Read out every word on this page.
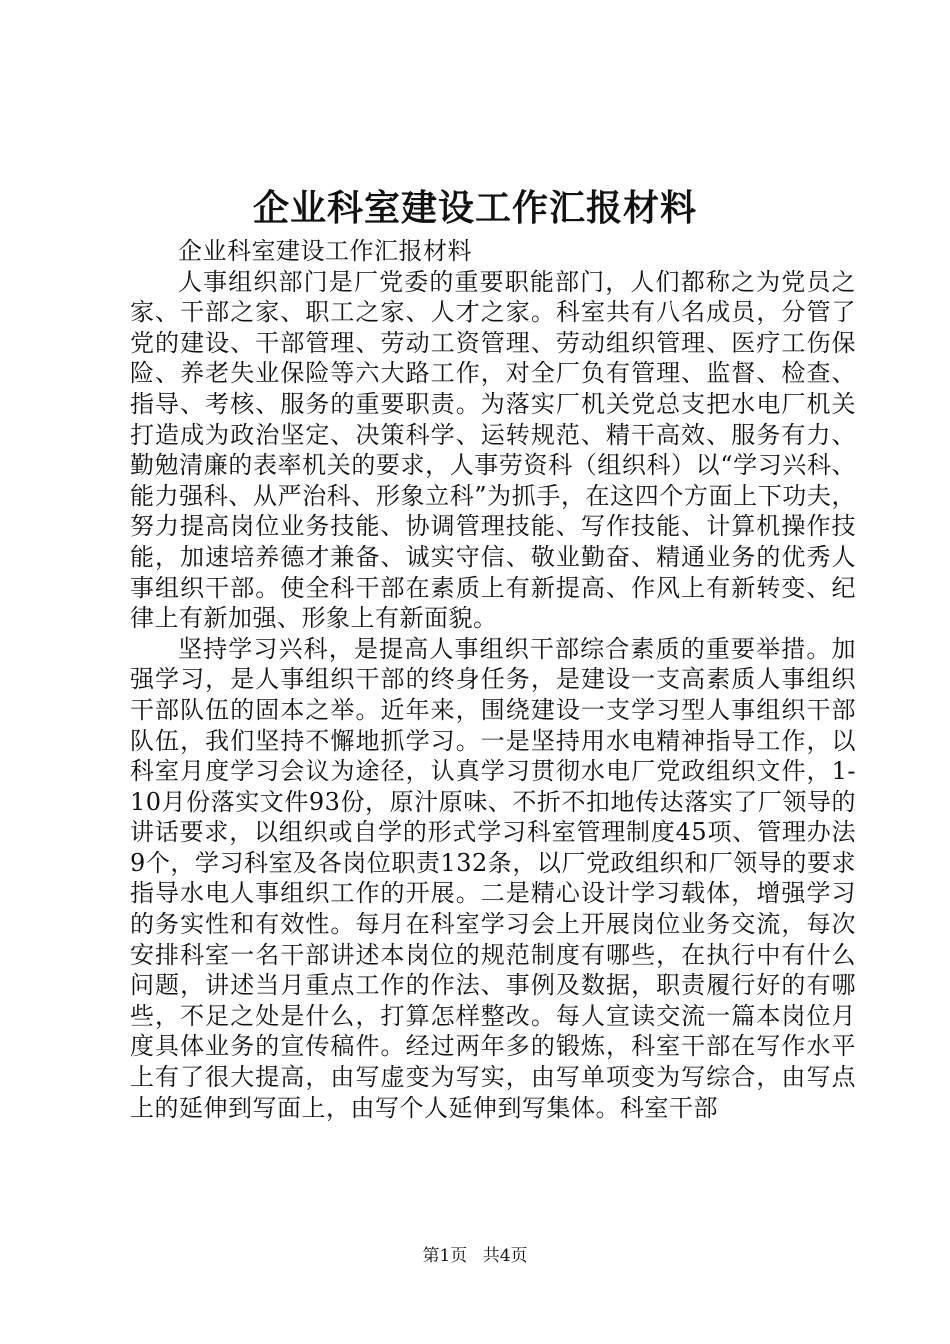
企业科室建设工作汇报材料

企业科室建设工作汇报材料

人事组织部门是厂党委的重要职能部门，人们都称之为党员之家、干部之家、职工之家、人才之家。科室共有八名成员，分管了党的建设、干部管理、劳动工资管理、劳动组织管理、医疗工伤保险、养老失业保险等六大路工作，对全厂负有管理、监督、检查、指导、考核、服务的重要职责。为落实厂机关党总支把水电厂机关打造成为政治坚定、决策科学、运转规范、精干高效、服务有力、勤勉清廉的表率机关的要求，人事劳资科（组织科）以“学习兴科、能力强科、从严治科、形象立科”为抓手，在这四个方面上下功夫，努力提高岗位业务技能、协调管理技能、写作技能、计算机操作技能，加速培养德才兼备、诚实守信、敬业勤奋、精通业务的优秀人事组织干部。使全科干部在素质上有新提高、作风上有新转变、纪律上有新加强、形象上有新面貌。

坚持学习兴科，是提高人事组织干部综合素质的重要举措。加强学习，是人事组织干部的终身任务，是建设一支高素质人事组织干部队伍的固本之举。近年来，围绕建设一支学习型人事组织干部队伍，我们坚持不懈地抓学习。一是坚持用水电精神指导工作，以科室月度学习会议为途径，认真学习贯彻水电厂党政组织文件，1-10月份落实文件93份，原汁原味、不折不扣地传达落实了厂领导的讲话要求，以组织或自学的形式学习科室管理制度45项、管理办法9个，学习科室及各岗位职责132条，以厂党政组织和厂领导的要求指导水电人事组织工作的开展。二是精心设计学习载体，增强学习的务实性和有效性。每月在科室学习会上开展岗位业务交流，每次安排科室一名干部讲述本岗位的规范制度有哪些，在执行中有什么问题，讲述当月重点工作的作法、事例及数据，职责履行好的有哪些，不足之处是什么，打算怎样整改。每人宣读交流一篇本岗位月度具体业务的宣传稿件。经过两年多的锻炼，科室干部在写作水平上有了很大提高，由写虚变为写实，由写单项变为写综合，由写点上的延伸到写面上，由写个人延伸到写集体。科室干部

第1页 共4页
